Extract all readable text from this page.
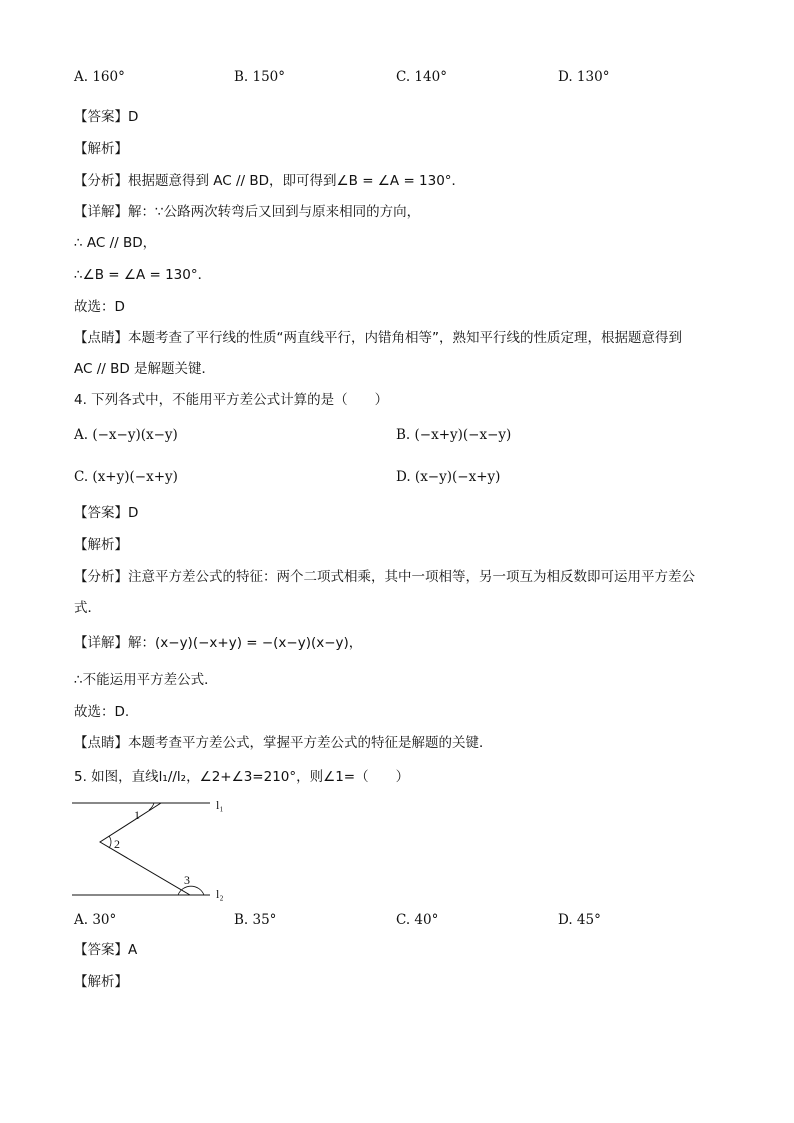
A. 160°	B. 150°	C. 140°	D. 130°
【答案】D
【解析】
【分析】根据题意得到 AC // BD，即可得到∠B = ∠A = 130°．
【详解】解：∵公路两次转弯后又回到与原来相同的方向，
∴ AC // BD，
∴∠B = ∠A = 130°．
故选：D
【点睛】本题考查了平行线的性质“两直线平行，内错角相等”，熟知平行线的性质定理，根据题意得到
AC // BD 是解题关键．
4. 下列各式中，不能用平方差公式计算的是（　　）
A. (−x−y)(x−y)	B. (−x+y)(−x−y)
C. (x+y)(−x+y)	D. (x−y)(−x+y)
【答案】D
【解析】
【分析】注意平方差公式的特征：两个二项式相乘，其中一项相等，另一项互为相反数即可运用平方差公
式．
【详解】解：(x−y)(−x+y) = −(x−y)(x−y)，
∴不能运用平方差公式．
故选：D.
【点睛】本题考查平方差公式，掌握平方差公式的特征是解题的关键．
5. 如图，直线l₁//l₂，∠2+∠3=210°，则∠1=（　　）
l₁
l₂
1
2
3
A. 30°	B. 35°	C. 40°	D. 45°
【答案】A
【解析】
